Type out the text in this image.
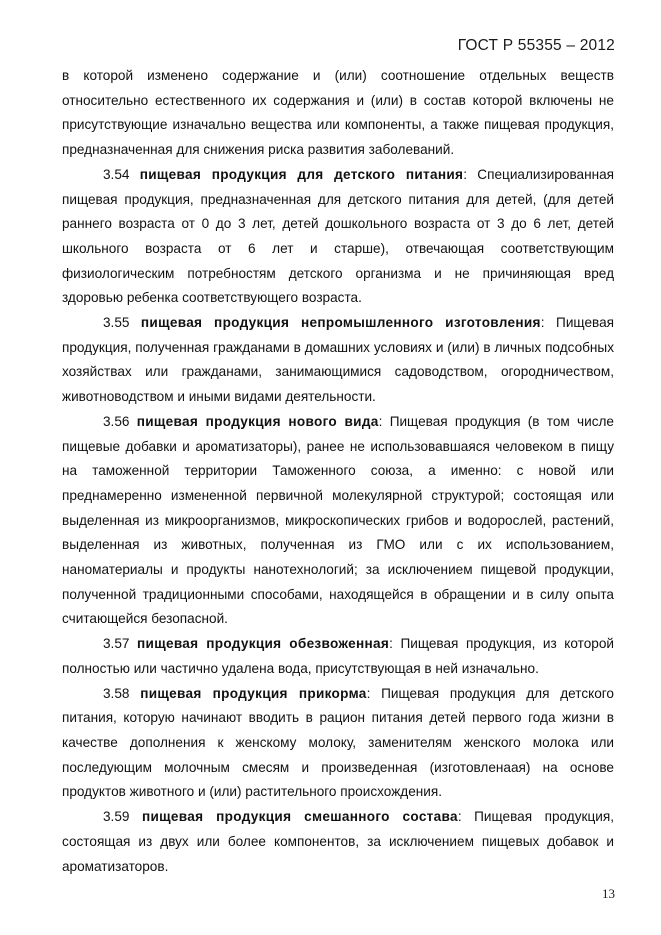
ГОСТ Р 55355 – 2012

в которой изменено содержание и (или) соотношение отдельных веществ относительно естественного их содержания и (или) в состав которой включены не присутствующие изначально вещества или компоненты, а также пищевая продукция, предназначенная для снижения риска развития заболеваний.

3.54 пищевая продукция для детского питания: Специализированная пищевая продукция, предназначенная для детского питания для детей, (для детей раннего возраста от 0 до 3 лет, детей дошкольного возраста от 3 до 6 лет, детей школьного возраста от 6 лет и старше), отвечающая соответствующим физиологическим потребностям детского организма и не причиняющая вред здоровью ребенка соответствующего возраста.

3.55 пищевая продукция непромышленного изготовления: Пищевая продукция, полученная гражданами в домашних условиях и (или) в личных подсобных хозяйствах или гражданами, занимающимися садоводством, огородничеством, животноводством и иными видами деятельности.

3.56 пищевая продукция нового вида: Пищевая продукция (в том числе пищевые добавки и ароматизаторы), ранее не использовавшаяся человеком в пищу на таможенной территории Таможенного союза, а именно: с новой или преднамеренно измененной первичной молекулярной структурой; состоящая или выделенная из микроорганизмов, микроскопических грибов и водорослей, растений, выделенная из животных, полученная из ГМО или с их использованием, наноматериалы и продукты нанотехнологий; за исключением пищевой продукции, полученной традиционными способами, находящейся в обращении и в силу опыта считающейся безопасной.

3.57 пищевая продукция обезвоженная: Пищевая продукция, из которой полностью или частично удалена вода, присутствующая в ней изначально.

3.58 пищевая продукция прикорма: Пищевая продукция для детского питания, которую начинают вводить в рацион питания детей первого года жизни в качестве дополнения к женскому молоку, заменителям женского молока или последующим молочным смесям и произведенная (изготовленаая) на основе продуктов животного и (или) растительного происхождения.

3.59 пищевая продукция смешанного состава: Пищевая продукция, состоящая из двух или более компонентов, за исключением пищевых добавок и ароматизаторов.

13
